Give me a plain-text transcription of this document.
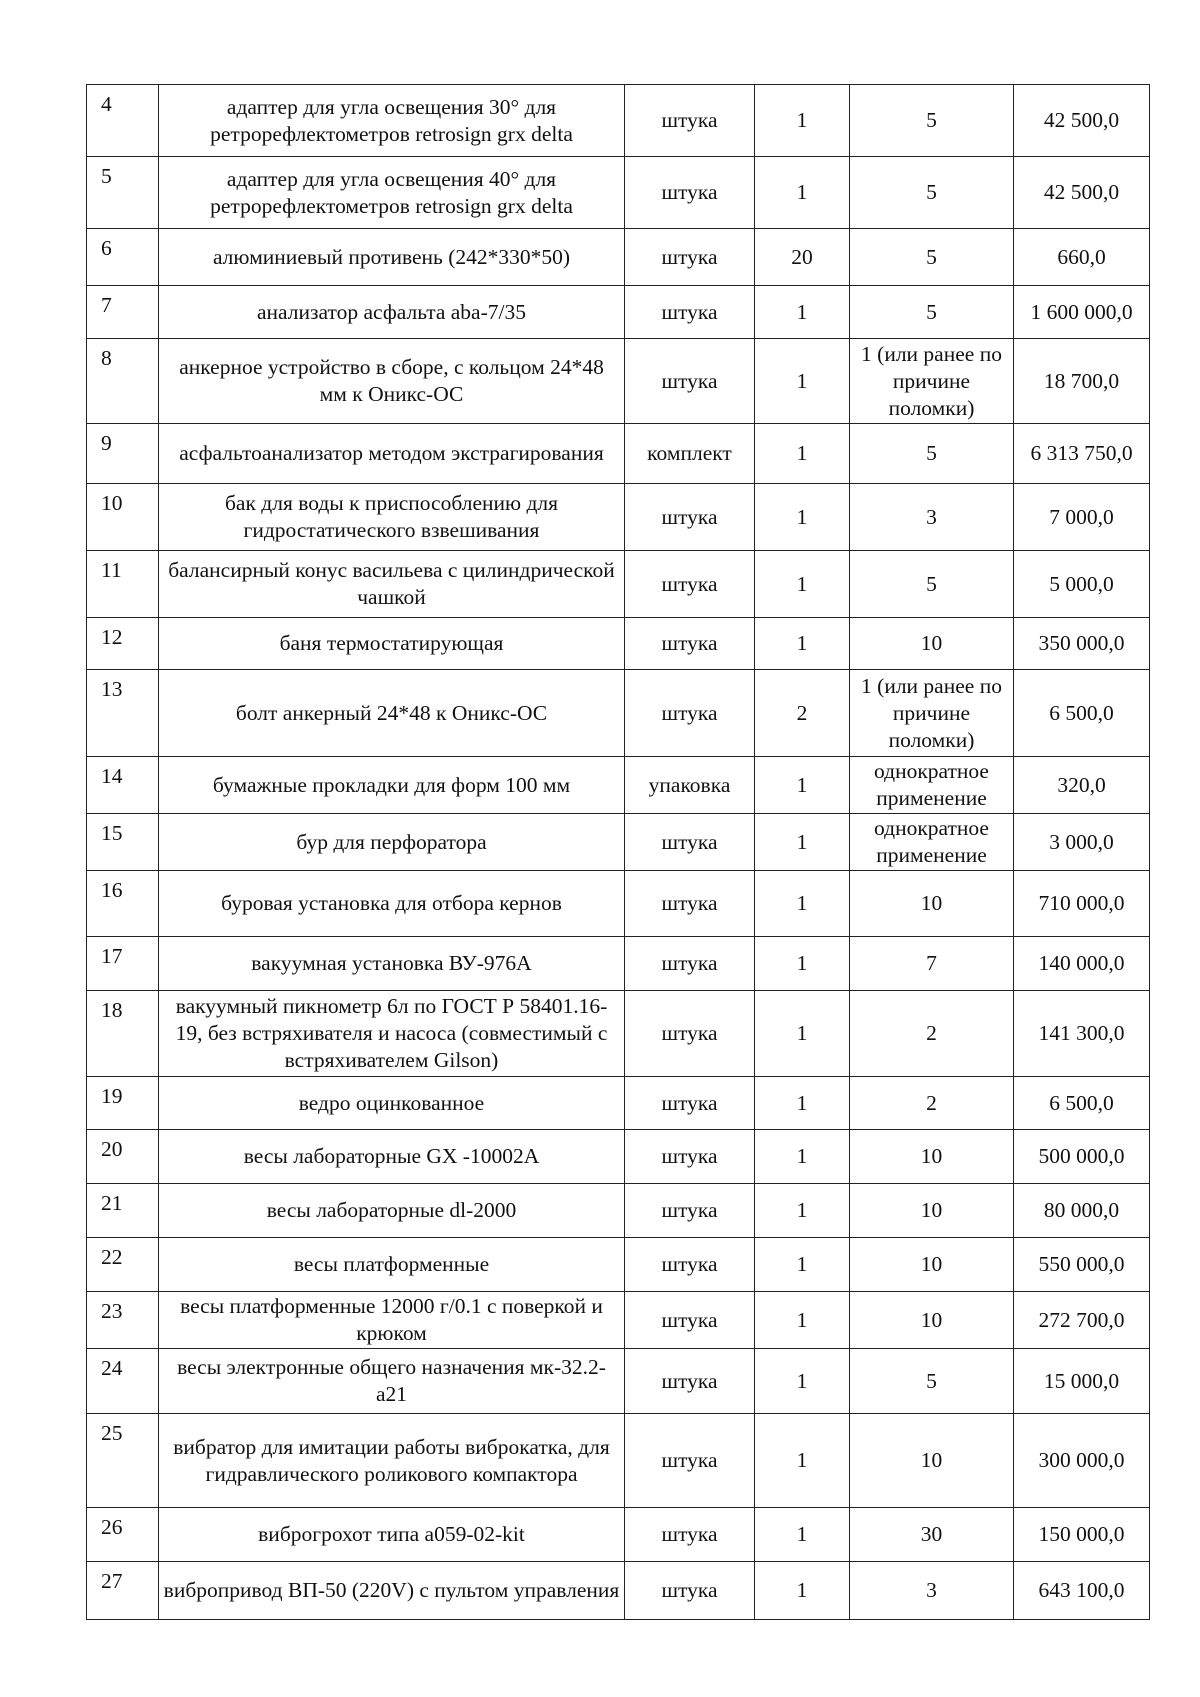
4	адаптер для угла освещения 30° для ретрорефлектометров retrosign grx delta	штука	1	5	42 500,0
5	адаптер для угла освещения 40° для ретрорефлектометров retrosign grx delta	штука	1	5	42 500,0
6	алюминиевый противень (242*330*50)	штука	20	5	660,0
7	анализатор асфальта aba-7/35	штука	1	5	1 600 000,0
8	анкерное устройство в сборе, с кольцом 24*48 мм к Оникс-ОС	штука	1	1 (или ранее по причине поломки)	18 700,0
9	асфальтоанализатор методом экстрагирования	комплект	1	5	6 313 750,0
10	бак для воды к приспособлению для гидростатического взвешивания	штука	1	3	7 000,0
11	балансирный конус васильева с цилиндрической чашкой	штука	1	5	5 000,0
12	баня термостатирующая	штука	1	10	350 000,0
13	болт анкерный 24*48 к Оникс-ОС	штука	2	1 (или ранее по причине поломки)	6 500,0
14	бумажные прокладки для форм 100 мм	упаковка	1	однократное применение	320,0
15	бур для перфоратора	штука	1	однократное применение	3 000,0
16	буровая установка для отбора кернов	штука	1	10	710 000,0
17	вакуумная установка ВУ-976А	штука	1	7	140 000,0
18	вакуумный пикнометр 6л по ГОСТ Р 58401.16-19, без встряхивателя и насоса (совместимый с встряхивателем Gilson)	штука	1	2	141 300,0
19	ведро оцинкованное	штука	1	2	6 500,0
20	весы лабораторные GX -10002A	штука	1	10	500 000,0
21	весы лабораторные dl-2000	штука	1	10	80 000,0
22	весы платформенные	штука	1	10	550 000,0
23	весы платформенные 12000 г/0.1 с поверкой и крюком	штука	1	10	272 700,0
24	весы электронные общего назначения мк-32.2-а21	штука	1	5	15 000,0
25	вибратор для имитации работы виброкатка, для гидравлического роликового компактора	штука	1	10	300 000,0
26	виброгрохот типа a059-02-kit	штука	1	30	150 000,0
27	вибропривод ВП-50 (220V) с пультом управления	штука	1	3	643 100,0
